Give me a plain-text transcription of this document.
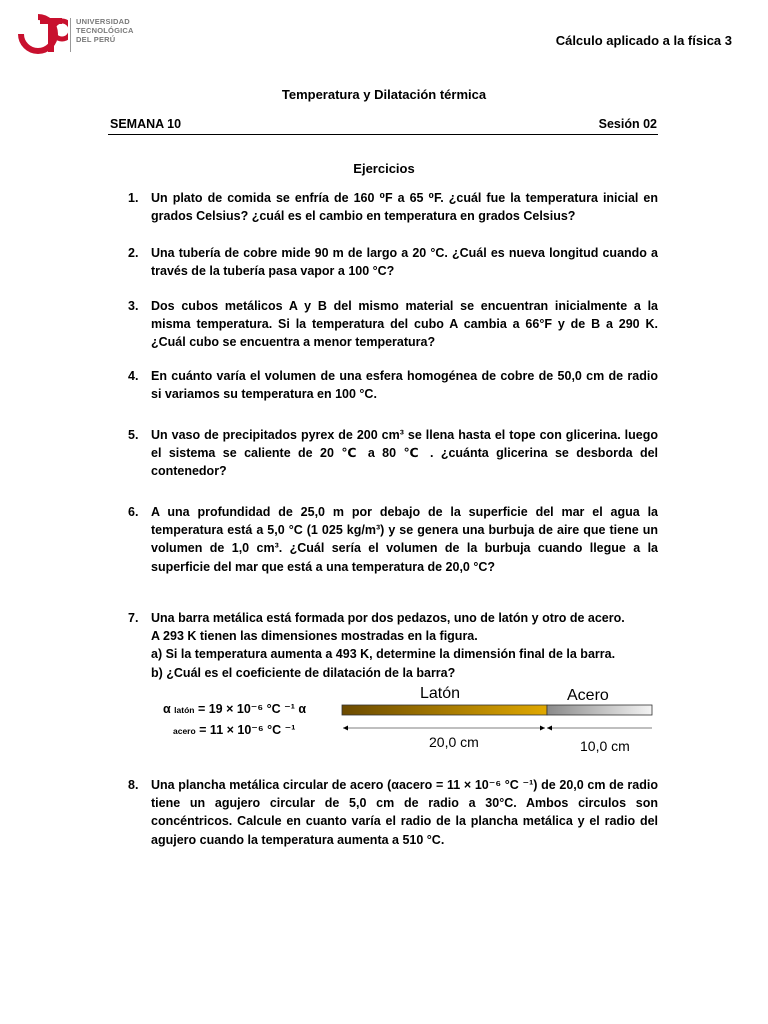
UNIVERSIDAD
TECNOLÓGICA
DEL PERÚ	Cálculo aplicado a la física 3
Temperatura y Dilatación térmica
SEMANA 10	Sesión 02
Ejercicios
1. Un plato de comida se enfría de 160 ⁰F a 65 ⁰F. ¿cuál fue la temperatura inicial en grados Celsius? ¿cuál es el cambio en temperatura en grados Celsius?
2. Una tubería de cobre mide 90 m de largo a 20 °C. ¿Cuál es nueva longitud cuando a través de la tubería pasa vapor a 100 °C?
3. Dos cubos metálicos A y B del mismo material se encuentran inicialmente a la misma temperatura. Si la temperatura del cubo A cambia a 66°F y de B a 290 K. ¿Cuál cubo se encuentra a menor temperatura?
4. En cuánto varía el volumen de una esfera homogénea de cobre de 50,0 cm de radio si variamos su temperatura en 100 °C.
5. Un vaso de precipitados pyrex de 200 cm³ se llena hasta el tope con glicerina. luego el sistema se caliente de 20 ℃ a 80 ℃ . ¿cuánta glicerina se desborda del contenedor?
6. A una profundidad de 25,0 m por debajo de la superficie del mar el agua la temperatura está a 5,0 °C (1 025 kg/m³) y se genera una burbuja de aire que tiene un volumen de 1,0 cm³. ¿Cuál sería el volumen de la burbuja cuando llegue a la superficie del mar que está a una temperatura de 20,0 °C?
7. Una barra metálica está formada por dos pedazos, uno de latón y otro de acero.

A 293 K tienen las dimensiones mostradas en la figura.

a) Si la temperatura aumenta a 493 K, determine la dimensión final de la barra.

b) ¿Cuál es el coeficiente de dilatación de la barra?

α latón = 19 × 10⁻⁶ °C ⁻¹ α
acero = 11 × 10⁻⁶ °C ⁻¹
Latón	Acero
20,0 cm	10,0 cm
8. Una plancha metálica circular de acero (αacero = 11 × 10⁻⁶ °C ⁻¹) de 20,0 cm de radio tiene un agujero circular de 5,0 cm de radio a 30°C. Ambos circulos son concéntricos. Calcule en cuanto varía el radio de la plancha metálica y el radio del agujero cuando la temperatura aumenta a 510 °C.
